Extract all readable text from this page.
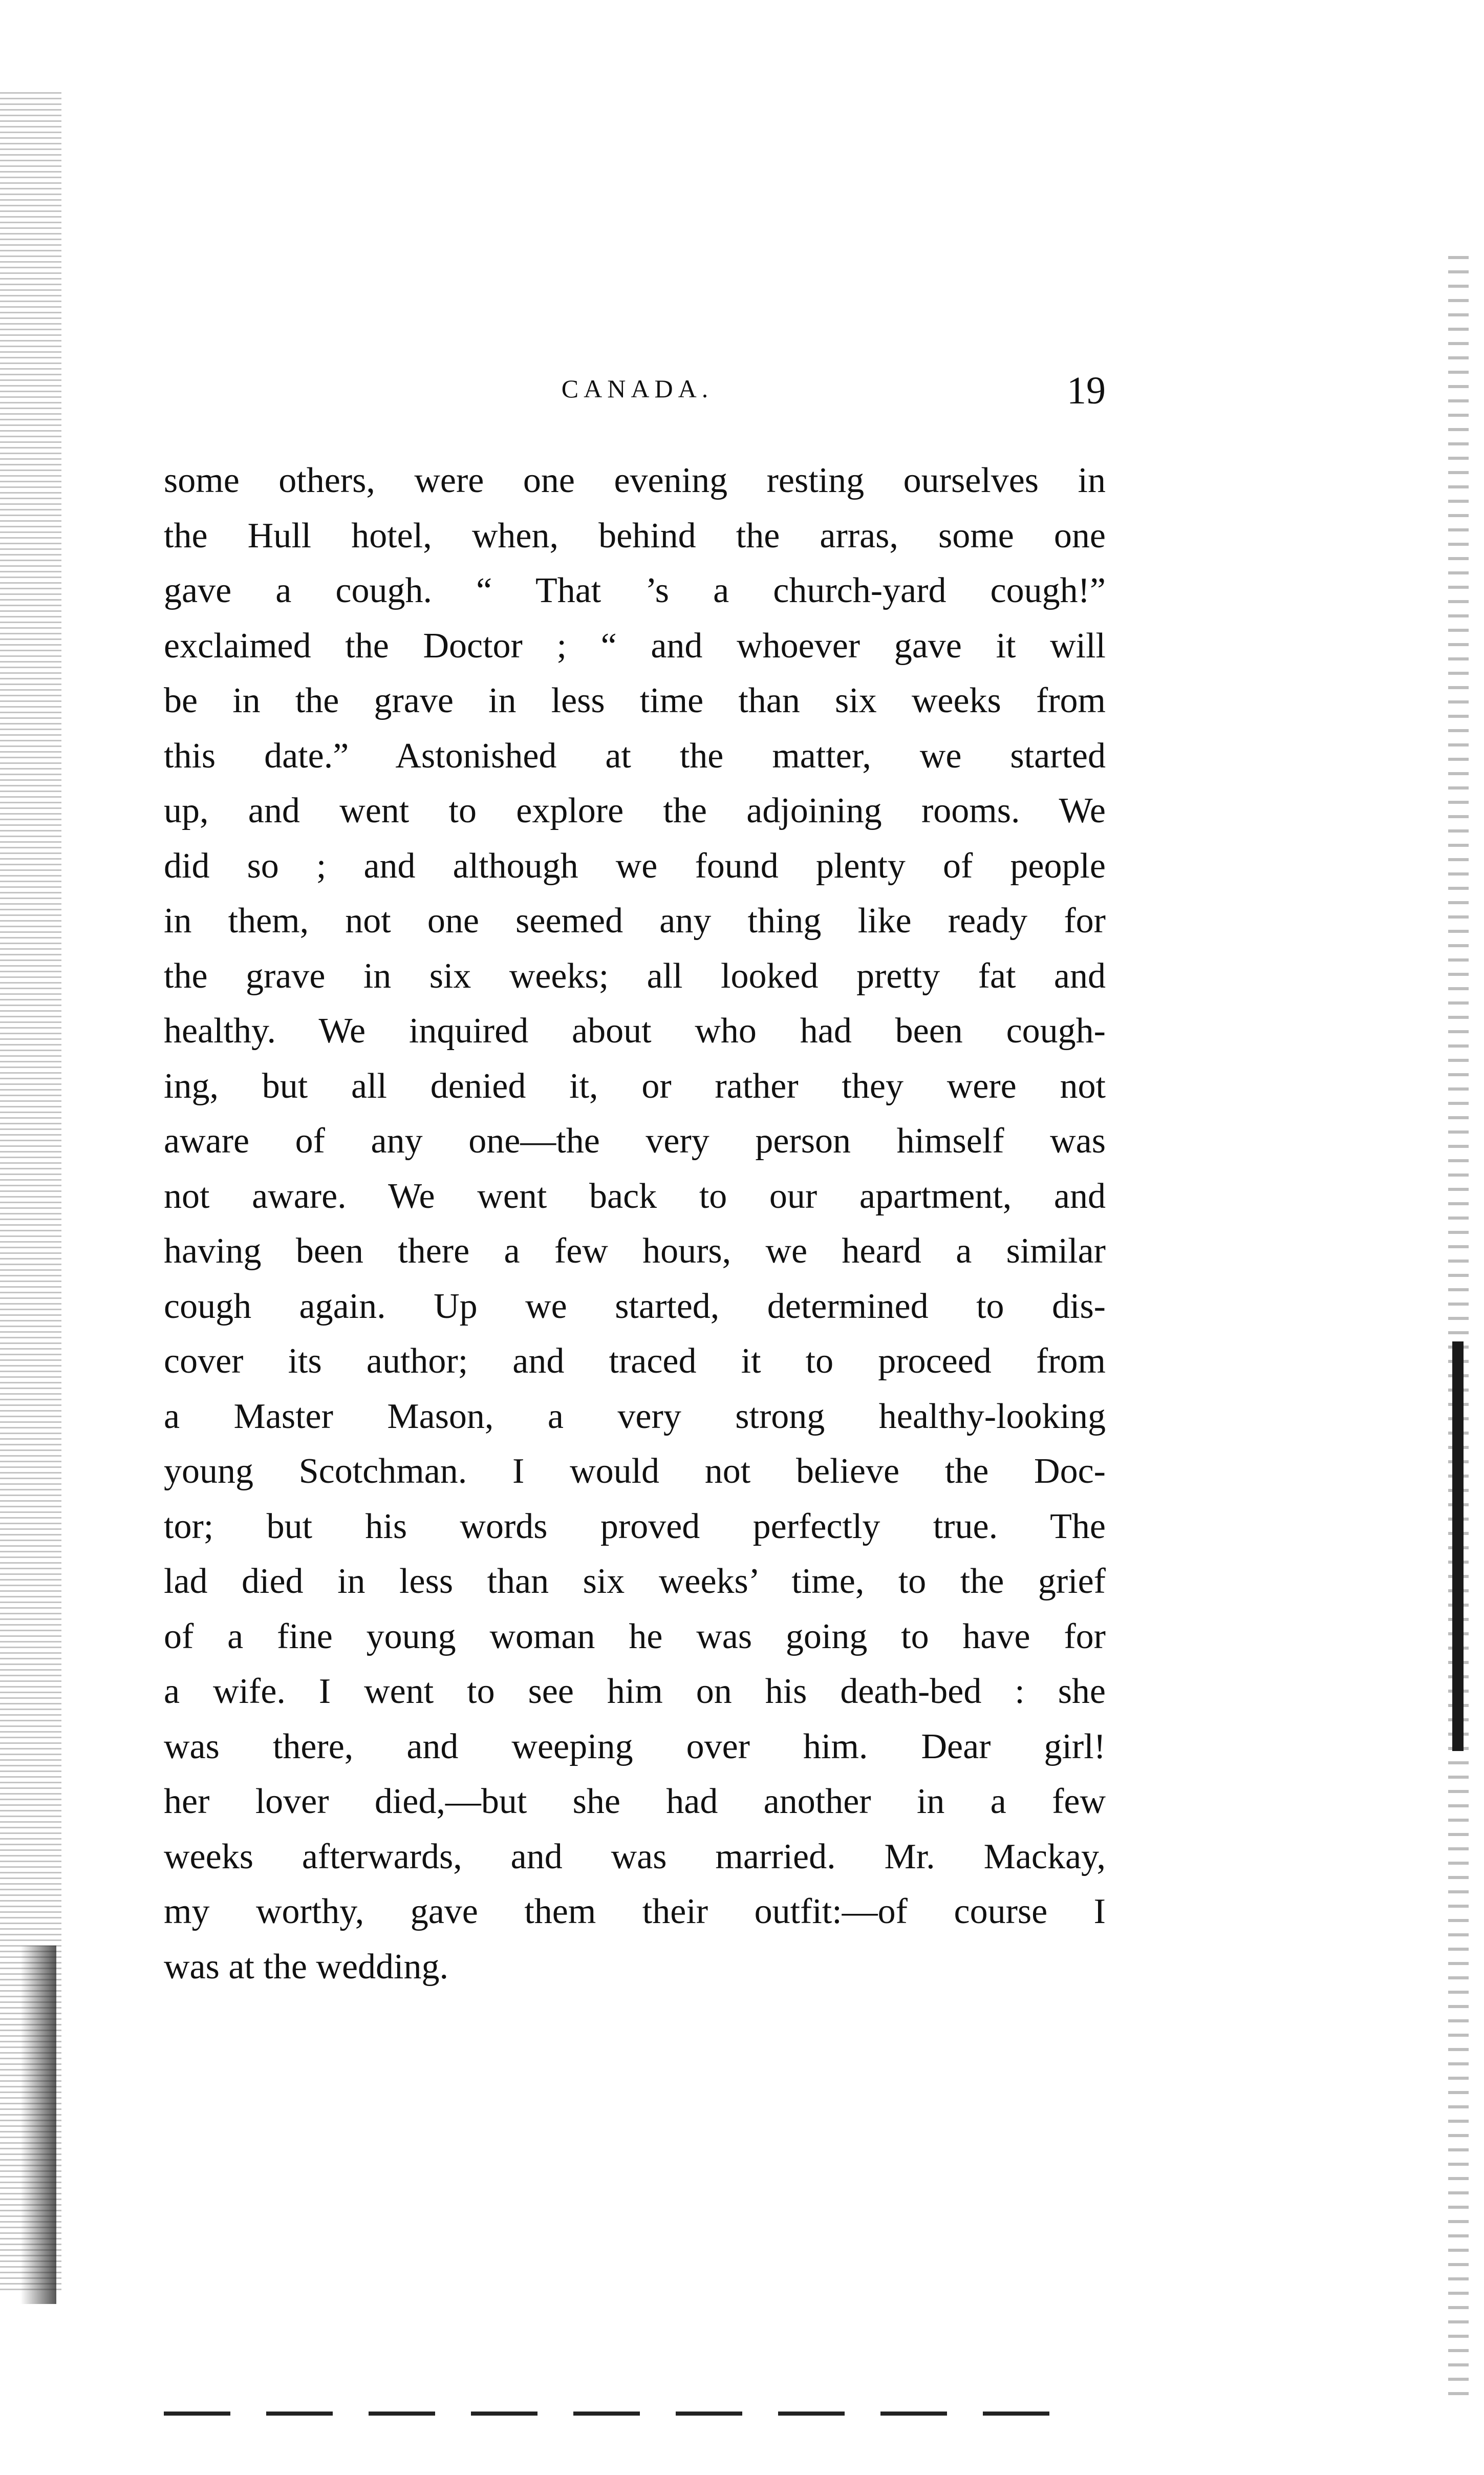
CANADA.	19
some others, were one evening resting ourselves in
the Hull hotel, when, behind the arras, some one
gave a cough. “ That ’s a church-yard cough!”
exclaimed the Doctor ; “ and whoever gave it will
be in the grave in less time than six weeks from
this date.” Astonished at the matter, we started
up, and went to explore the adjoining rooms. We
did so ; and although we found plenty of people
in them, not one seemed any thing like ready for
the grave in six weeks; all looked pretty fat and
healthy. We inquired about who had been cough-
ing, but all denied it, or rather they were not
aware of any one—the very person himself was
not aware. We went back to our apartment, and
having been there a few hours, we heard a similar
cough again. Up we started, determined to dis-
cover its author; and traced it to proceed from
a Master Mason, a very strong healthy-looking
young Scotchman. I would not believe the Doc-
tor; but his words proved perfectly true. The
lad died in less than six weeks’ time, to the grief
of a fine young woman he was going to have for
a wife. I went to see him on his death-bed : she
was there, and weeping over him. Dear girl!
her lover died,—but she had another in a few
weeks afterwards, and was married. Mr. Mackay,
my worthy, gave them their outfit:—of course I
was at the wedding.
